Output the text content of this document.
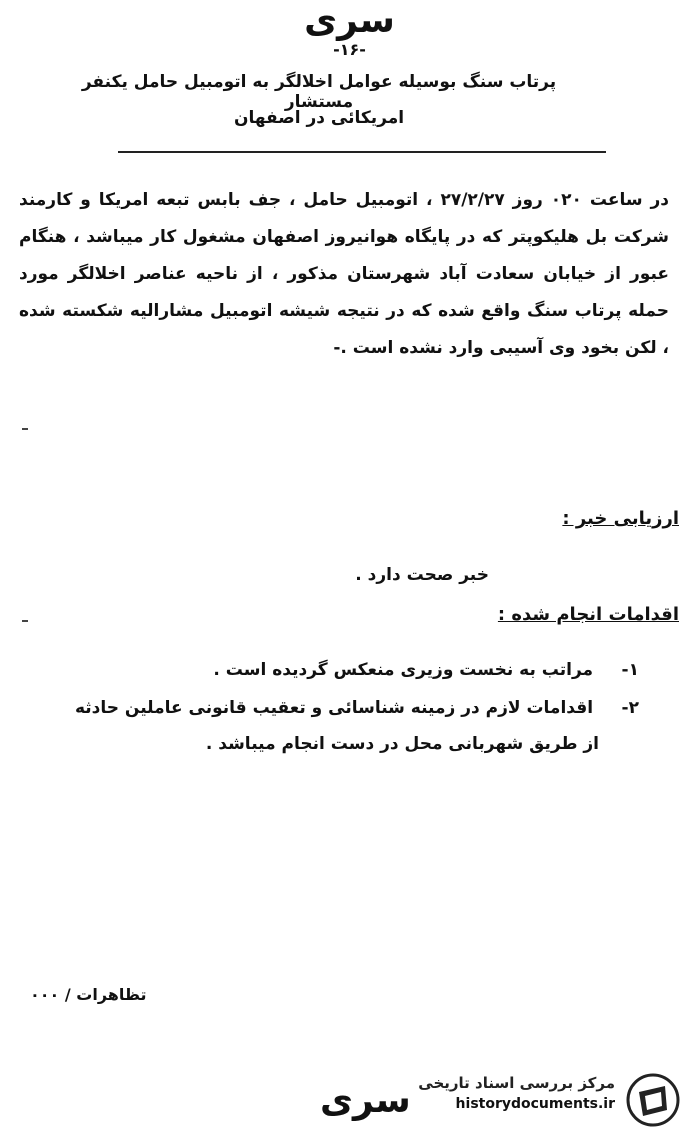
سری
-۱۶-
پرتاب سنگ بوسیله عوامل اخلالگر به اتومبیل حامل یکنفر مستشار
امریکائی در اصفهان
در ساعت ۰۲۰ روز ۲۷/۲/۲۷ ، اتومبیل حامل ، جف بابس تبعه امریکا و کارمند شرکت بل هلیکوپتر که در پایگاه هوانیروز اصفهان مشغول کار میباشد ، هنگام عبور از خیابان سعادت آباد شهرستان مذکور ، از ناحیه عناصر اخلالگر مورد حمله پرتاب سنگ واقع شده که در نتیجه شیشه اتومبیل مشارالیه شکسته شده ، لکن بخود وی آسیبی وارد نشده است .-
ارزیابی خبر :
خبر صحت دارد .
اقدامات انجام شده :
۱- مراتب به نخست وزیری منعکس گردیده است .
۲- اقدامات لازم در زمینه شناسائی و تعقیب قانونی عاملین حادثه
از طریق شهربانی محل در دست انجام میباشد .
تظاهرات / ۰۰۰
سری مرکز بررسی اسناد تاریخی
historydocuments.ir
